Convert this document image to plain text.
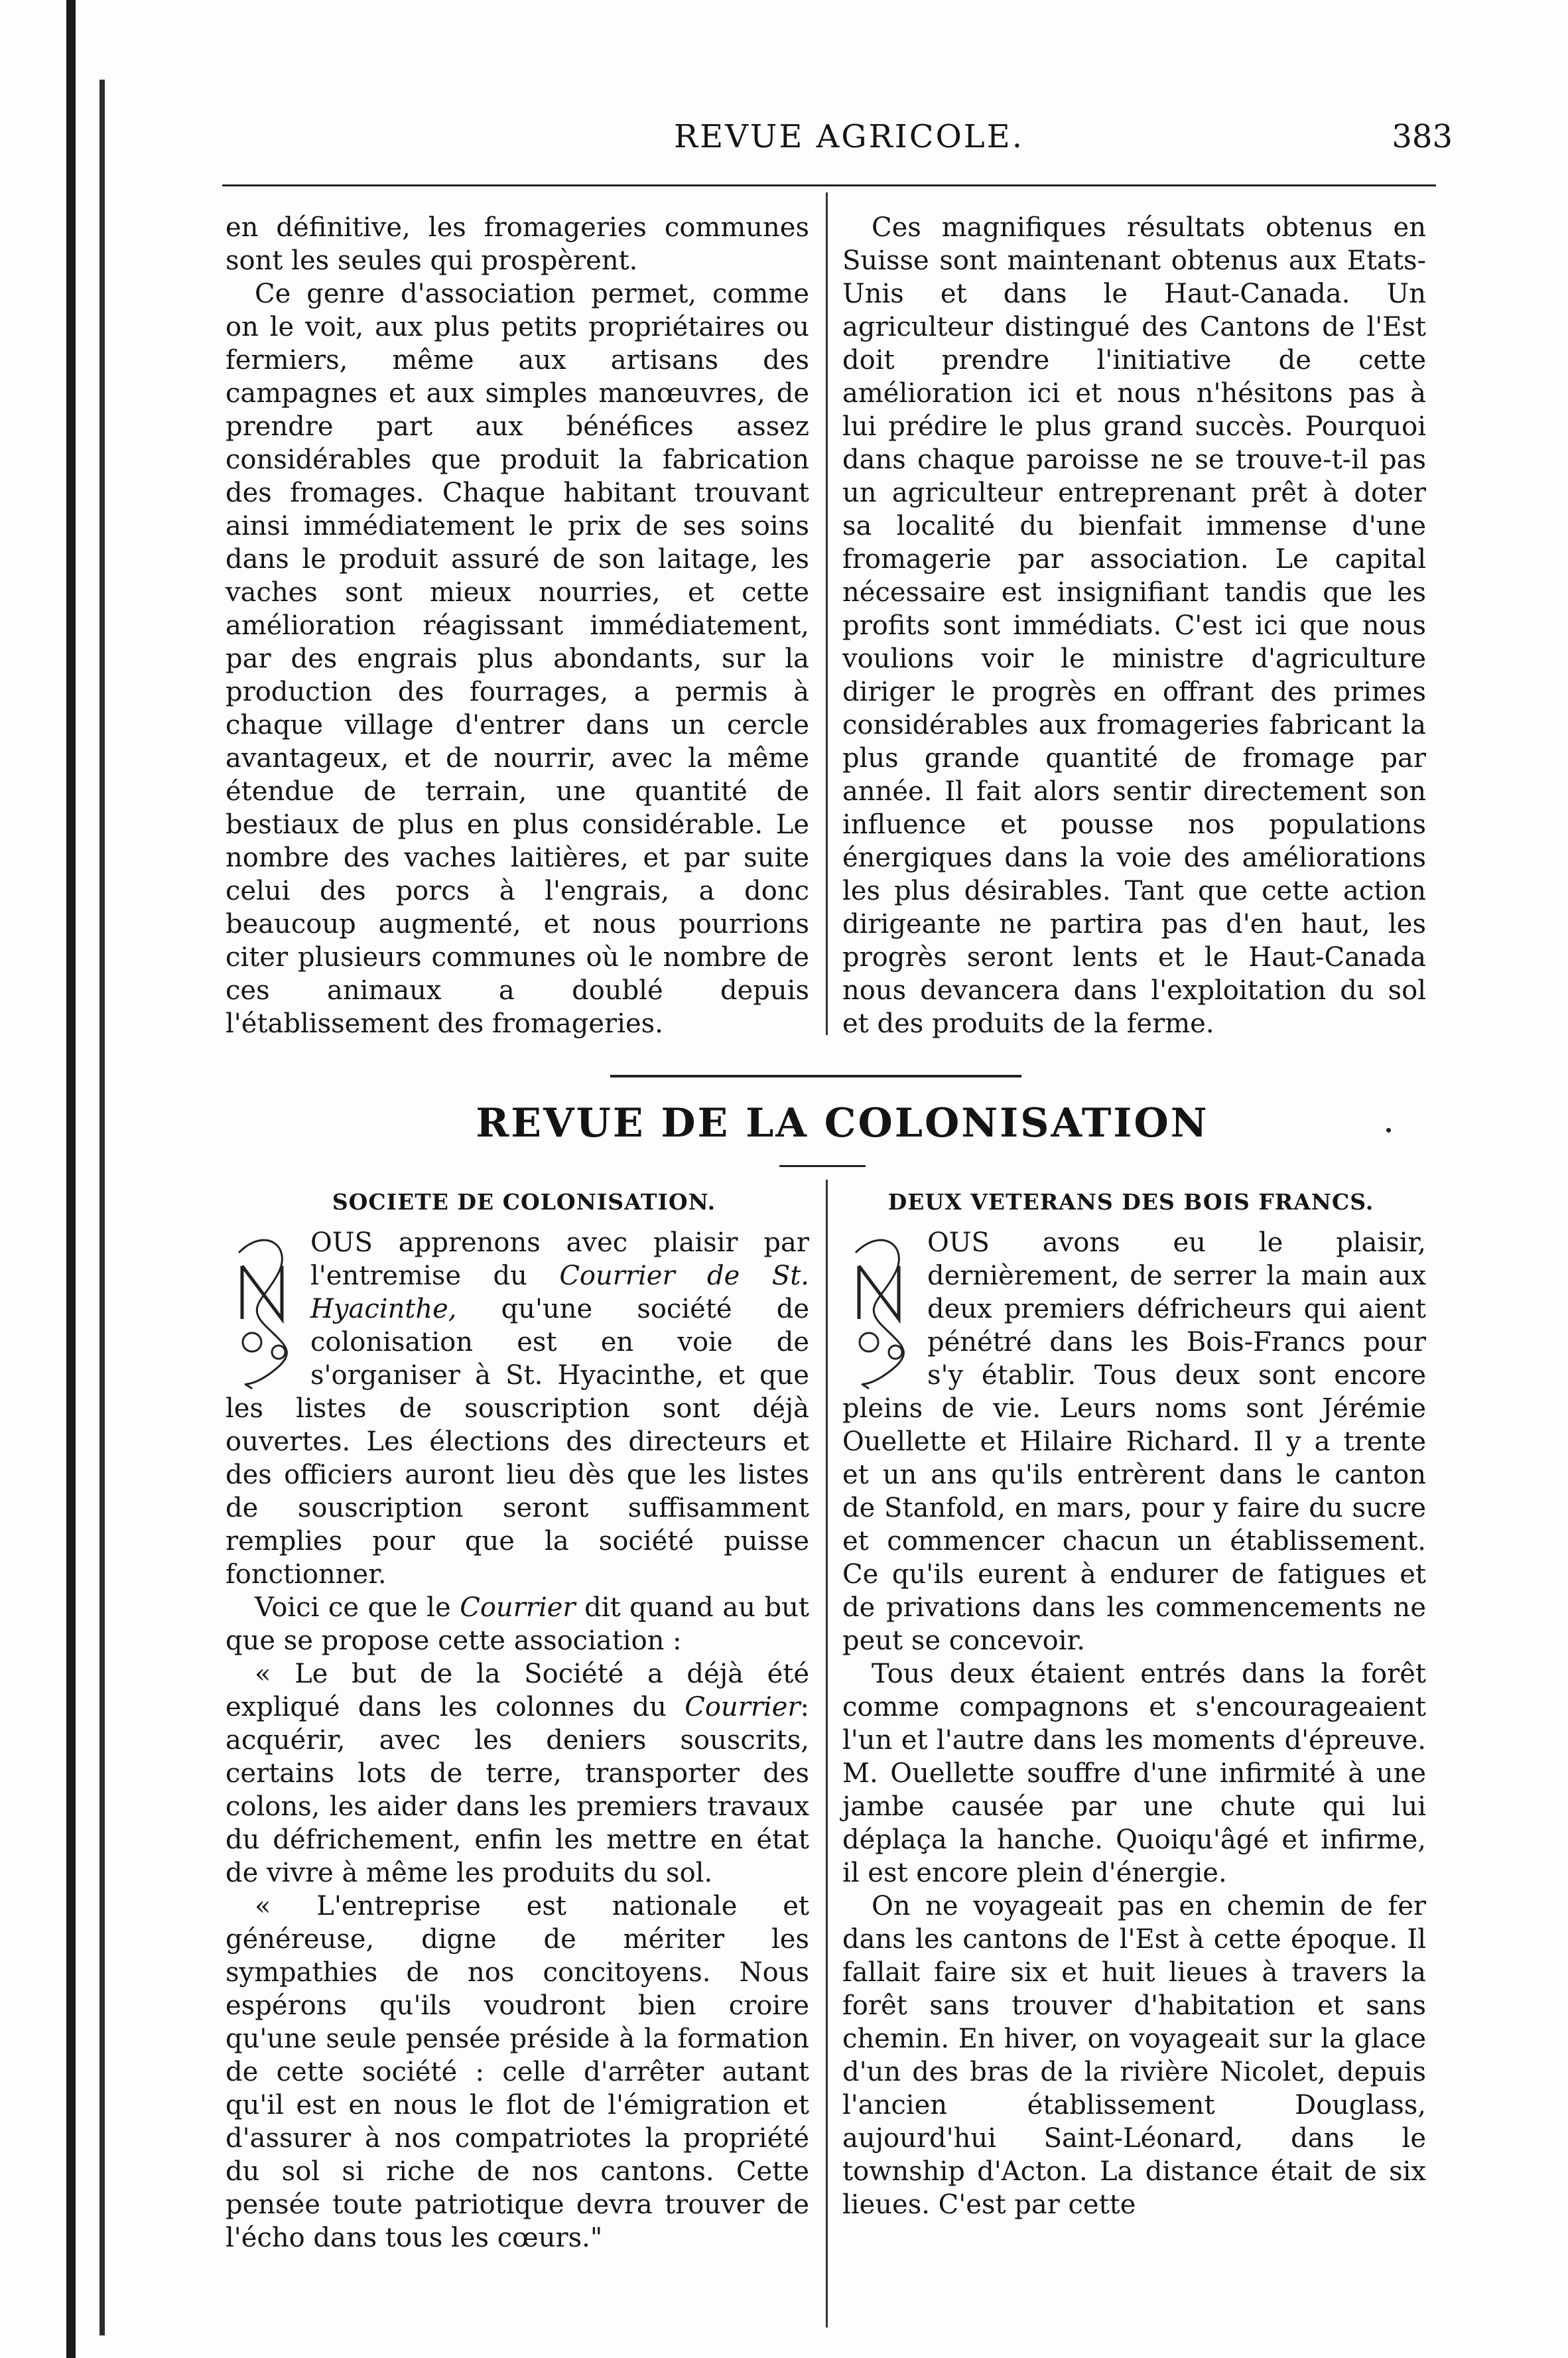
REVUE AGRICOLE.	383

en définitive, les fromageries communes sont les seules qui prospèrent.

Ce genre d'association permet, comme on le voit, aux plus petits propriétaires ou fermiers, même aux artisans des campagnes et aux simples manœuvres, de prendre part aux bénéfices assez considérables que produit la fabrication des fromages. Chaque habitant trouvant ainsi immédiatement le prix de ses soins dans le produit assuré de son laitage, les vaches sont mieux nourries, et cette amélioration réagissant immédiatement, par des engrais plus abondants, sur la production des fourrages, a permis à chaque village d'entrer dans un cercle avantageux, et de nourrir, avec la même étendue de terrain, une quantité de bestiaux de plus en plus considérable. Le nombre des vaches laitières, et par suite celui des porcs à l'engrais, a donc beaucoup augmenté, et nous pourrions citer plusieurs communes où le nombre de ces animaux a doublé depuis l'établissement des fromageries.

Ces magnifiques résultats obtenus en Suisse sont maintenant obtenus aux Etats-Unis et dans le Haut-Canada. Un agriculteur distingué des Cantons de l'Est doit prendre l'initiative de cette amélioration ici et nous n'hésitons pas à lui prédire le plus grand succès. Pourquoi dans chaque paroisse ne se trouve-t-il pas un agriculteur entreprenant prêt à doter sa localité du bienfait immense d'une fromagerie par association. Le capital nécessaire est insignifiant tandis que les profits sont immédiats. C'est ici que nous voulions voir le ministre d'agriculture diriger le progrès en offrant des primes considérables aux fromageries fabricant la plus grande quantité de fromage par année. Il fait alors sentir directement son influence et pousse nos populations énergiques dans la voie des améliorations les plus désirables. Tant que cette action dirigeante ne partira pas d'en haut, les progrès seront lents et le Haut-Canada nous devancera dans l'exploitation du sol et des produits de la ferme.

REVUE DE LA COLONISATION
SOCIETE DE COLONISATION.	DEUX VETERANS DES BOIS FRANCS.

OUS apprenons avec plaisir par l'entremise du Courrier de St. Hyacinthe, qu'une société de colonisation est en voie de s'organiser à St. Hyacinthe, et que les listes de souscription sont déjà ouvertes. Les élections des directeurs et des officiers auront lieu dès que les listes de souscription seront suffisamment remplies pour que la société puisse fonctionner.

Voici ce que le Courrier dit quand au but que se propose cette association :

« Le but de la Société a déjà été expliqué dans les colonnes du Courrier: acquérir, avec les deniers souscrits, certains lots de terre, transporter des colons, les aider dans les premiers travaux du défrichement, enfin les mettre en état de vivre à même les produits du sol.

« L'entreprise est nationale et généreuse, digne de mériter les sympathies de nos concitoyens. Nous espérons qu'ils voudront bien croire qu'une seule pensée préside à la formation de cette société : celle d'arrêter autant qu'il est en nous le flot de l'émigration et d'assurer à nos compatriotes la propriété du sol si riche de nos cantons. Cette pensée toute patriotique devra trouver de l'écho dans tous les cœurs."

OUS avons eu le plaisir, dernièrement, de serrer la main aux deux premiers défricheurs qui aient pénétré dans les Bois-Francs pour s'y établir. Tous deux sont encore pleins de vie. Leurs noms sont Jérémie Ouellette et Hilaire Richard. Il y a trente et un ans qu'ils entrèrent dans le canton de Stanfold, en mars, pour y faire du sucre et commencer chacun un établissement. Ce qu'ils eurent à endurer de fatigues et de privations dans les commencements ne peut se concevoir.

Tous deux étaient entrés dans la forêt comme compagnons et s'encourageaient l'un et l'autre dans les moments d'épreuve. M. Ouellette souffre d'une infirmité à une jambe causée par une chute qui lui déplaça la hanche. Quoiqu'âgé et infirme, il est encore plein d'énergie.

On ne voyageait pas en chemin de fer dans les cantons de l'Est à cette époque. Il fallait faire six et huit lieues à travers la forêt sans trouver d'habitation et sans chemin. En hiver, on voyageait sur la glace d'un des bras de la rivière Nicolet, depuis l'ancien établissement Douglass, aujourd'hui Saint-Léonard, dans le township d'Acton. La distance était de six lieues. C'est par cette
